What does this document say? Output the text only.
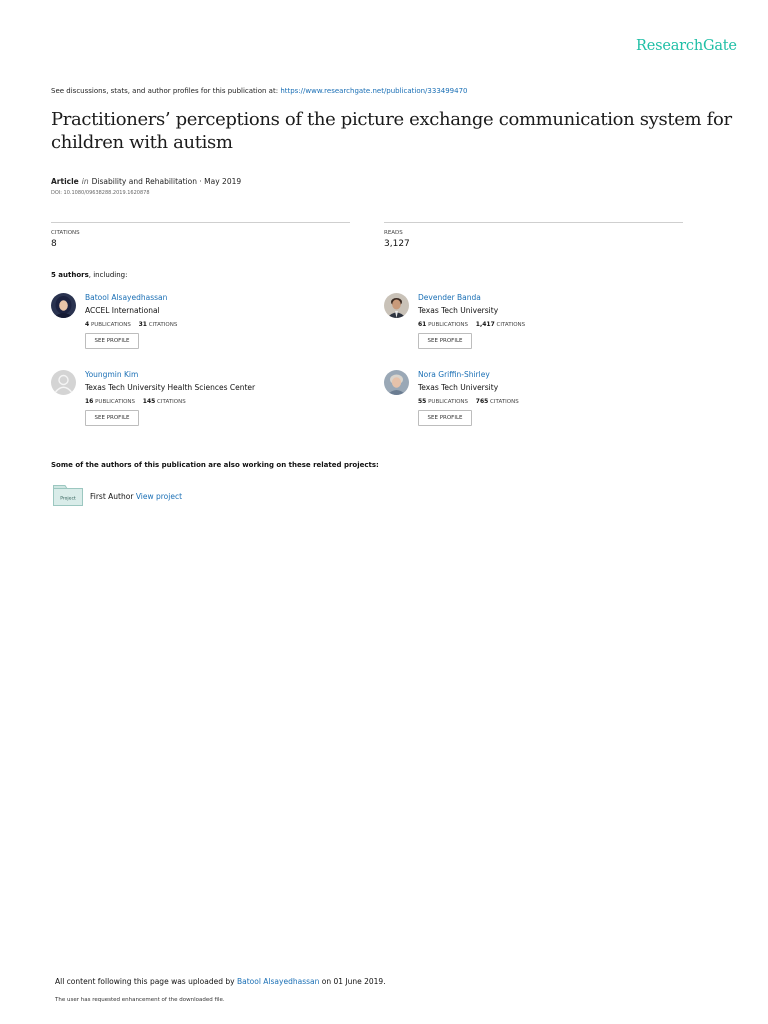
ResearchGate
See discussions, stats, and author profiles for this publication at: https://www.researchgate.net/publication/333499470
Practitioners’ perceptions of the picture exchange communication system for children with autism
Article in Disability and Rehabilitation · May 2019
DOI: 10.1080/09638288.2019.1620878
CITATIONS
8
READS
3,127
5 authors, including:
Batool Alsayedhassan
ACCEL International
4 PUBLICATIONS 31 CITATIONS
SEE PROFILE
Devender Banda
Texas Tech University
61 PUBLICATIONS 1,417 CITATIONS
SEE PROFILE
Youngmin Kim
Texas Tech University Health Sciences Center
16 PUBLICATIONS 145 CITATIONS
SEE PROFILE
Nora Griffin-Shirley
Texas Tech University
55 PUBLICATIONS 765 CITATIONS
SEE PROFILE
Some of the authors of this publication are also working on these related projects:
Project First Author View project
All content following this page was uploaded by Batool Alsayedhassan on 01 June 2019.
The user has requested enhancement of the downloaded file.
